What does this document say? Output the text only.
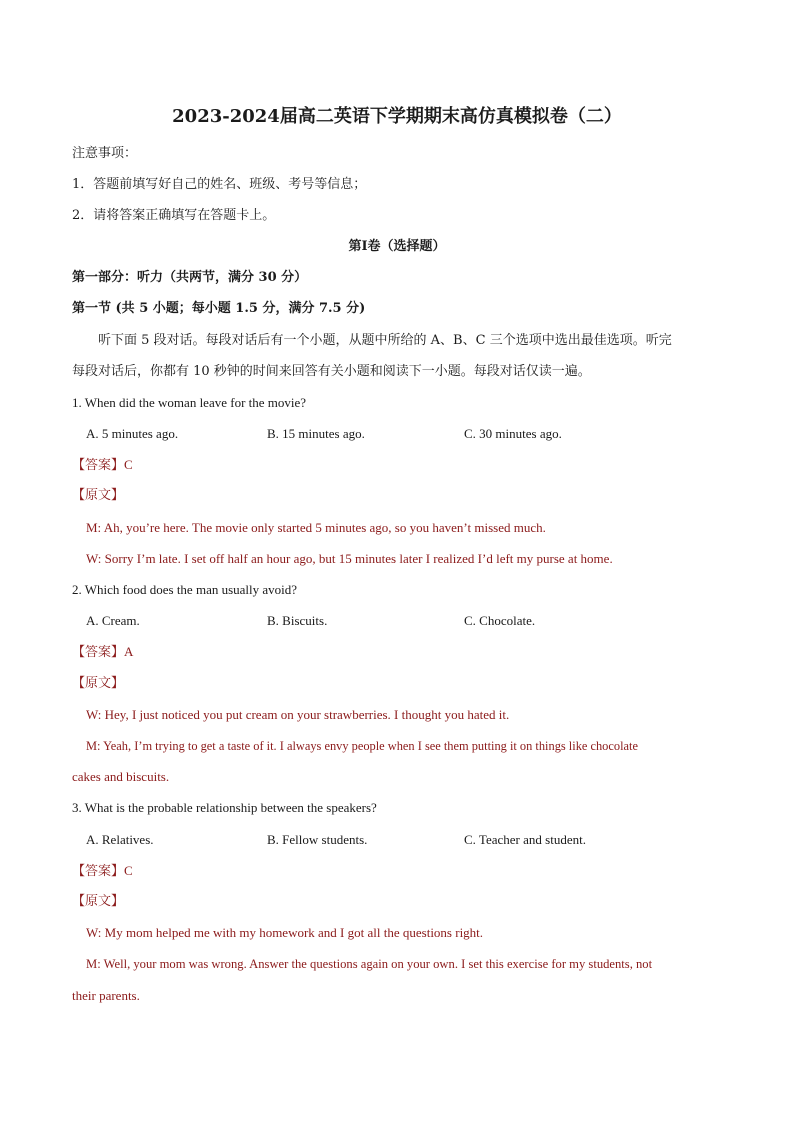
2023-2024届高二英语下学期期末高仿真模拟卷（二）
注意事项：
1．答题前填写好自己的姓名、班级、考号等信息；
2．请将答案正确填写在答题卡上。
第Ⅰ卷（选择题）
第一部分：听力（共两节，满分 30 分）
第一节 (共 5 小题；每小题 1.5 分，满分 7.5 分)
听下面 5 段对话。每段对话后有一个小题，从题中所给的 A、B、C 三个选项中选出最佳选项。听完
每段对话后，你都有 10 秒钟的时间来回答有关小题和阅读下一小题。每段对话仅读一遍。
1. When did the woman leave for the movie?
A. 5 minutes ago.	B. 15 minutes ago.	C. 30 minutes ago.
【答案】C
【原文】
M: Ah, you’re here. The movie only started 5 minutes ago, so you haven’t missed much.
W: Sorry I’m late. I set off half an hour ago, but 15 minutes later I realized I’d left my purse at home.
2. Which food does the man usually avoid?
A. Cream.	B. Biscuits.	C. Chocolate.
【答案】A
【原文】
W: Hey, I just noticed you put cream on your strawberries. I thought you hated it.
M: Yeah, I’m trying to get a taste of it. I always envy people when I see them putting it on things like chocolate
cakes and biscuits.
3. What is the probable relationship between the speakers?
A. Relatives.	B. Fellow students.	C. Teacher and student.
【答案】C
【原文】
W: My mom helped me with my homework and I got all the questions right.
M: Well, your mom was wrong. Answer the questions again on your own. I set this exercise for my students, not
their parents.
